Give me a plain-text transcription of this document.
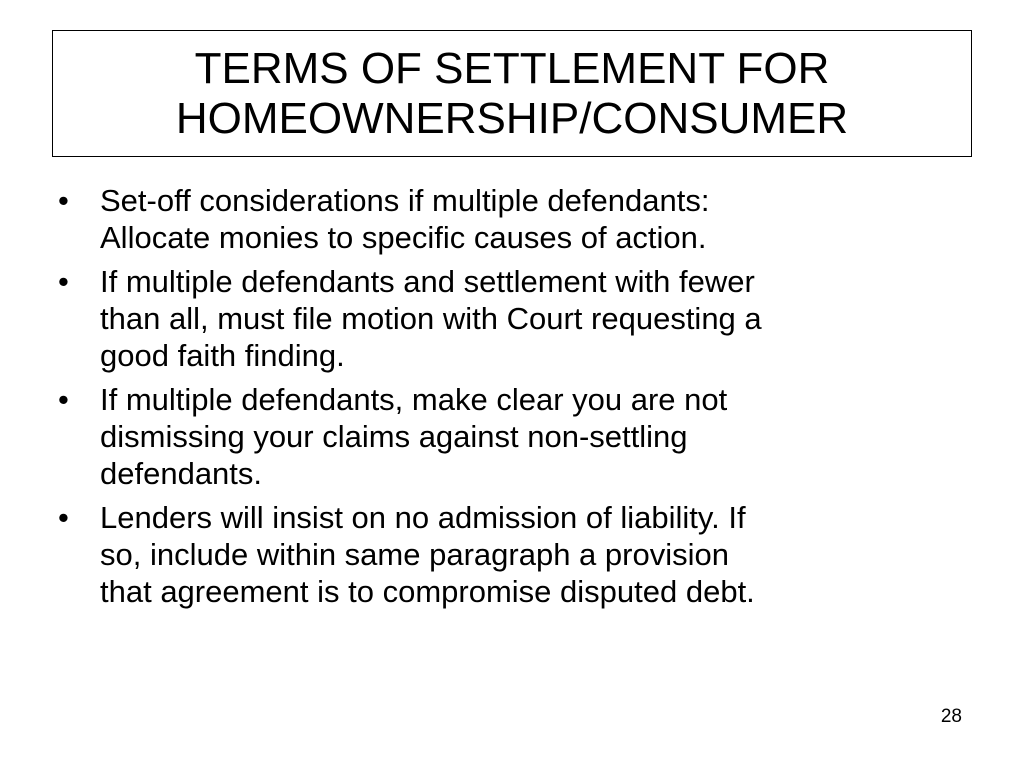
TERMS OF SETTLEMENT FOR
HOMEOWNERSHIP/CONSUMER
• Set-off considerations if multiple defendants:
Allocate monies to specific causes of action.
• If multiple defendants and settlement with fewer
than all, must file motion with Court requesting a
good faith finding.
• If multiple defendants, make clear you are not
dismissing your claims against non-settling
defendants.
• Lenders will insist on no admission of liability. If
so, include within same paragraph a provision
that agreement is to compromise disputed debt.
28
